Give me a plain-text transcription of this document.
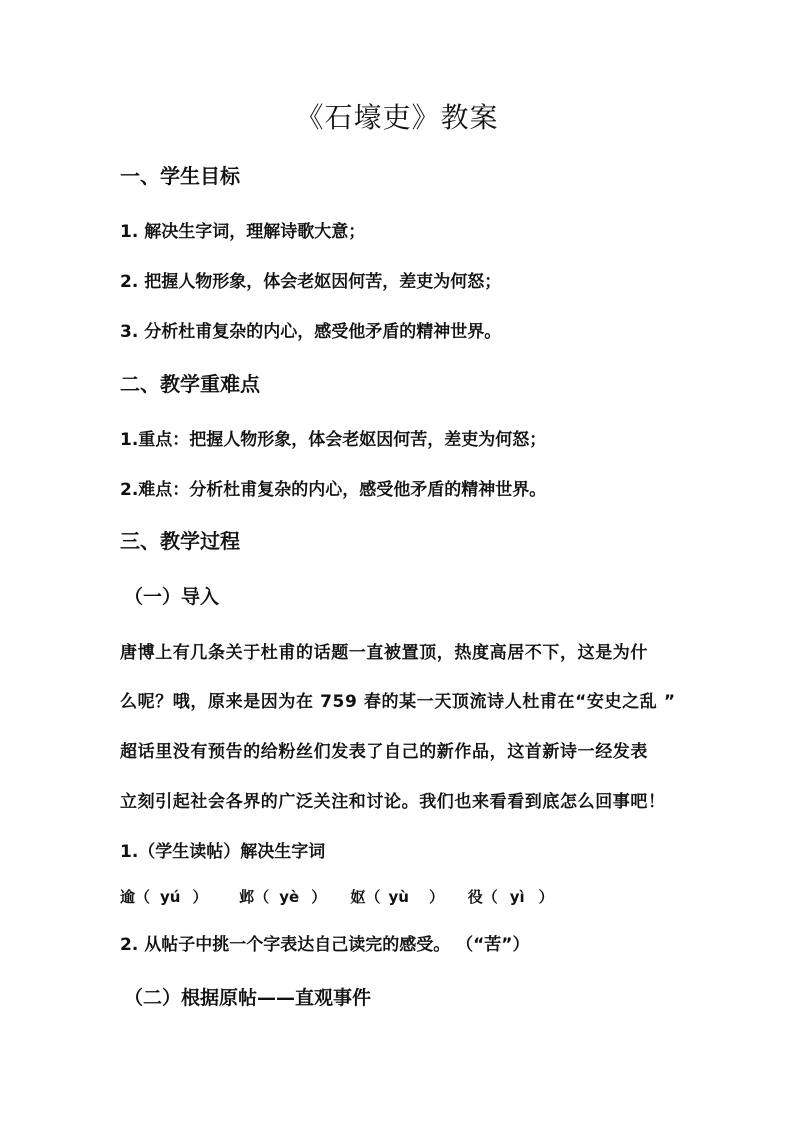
《石壕吏》教案
一、学生目标
1. 解决生字词，理解诗歌大意；
2. 把握人物形象，体会老妪因何苦，差吏为何怒；
3. 分析杜甫复杂的内心，感受他矛盾的精神世界。
二、教学重难点
1.重点：把握人物形象，体会老妪因何苦，差吏为何怒；
2.难点：分析杜甫复杂的内心，感受他矛盾的精神世界。
三、教学过程
（一）导入
唐博上有几条关于杜甫的话题一直被置顶，热度高居不下，这是为什
么呢？哦，原来是因为在 759 春的某一天顶流诗人杜甫在“安史之乱 ”
超话里没有预告的给粉丝们发表了自己的新作品，这首新诗一经发表
立刻引起社会各界的广泛关注和讨论。我们也来看看到底怎么回事吧！
1.（学生读帖）解决生字词
逾（ yú ） 邺（ yè ） 妪（ yù ） 役（ yì ）
2. 从帖子中挑一个字表达自己读完的感受。 （“苦”）
（二）根据原帖——直观事件
